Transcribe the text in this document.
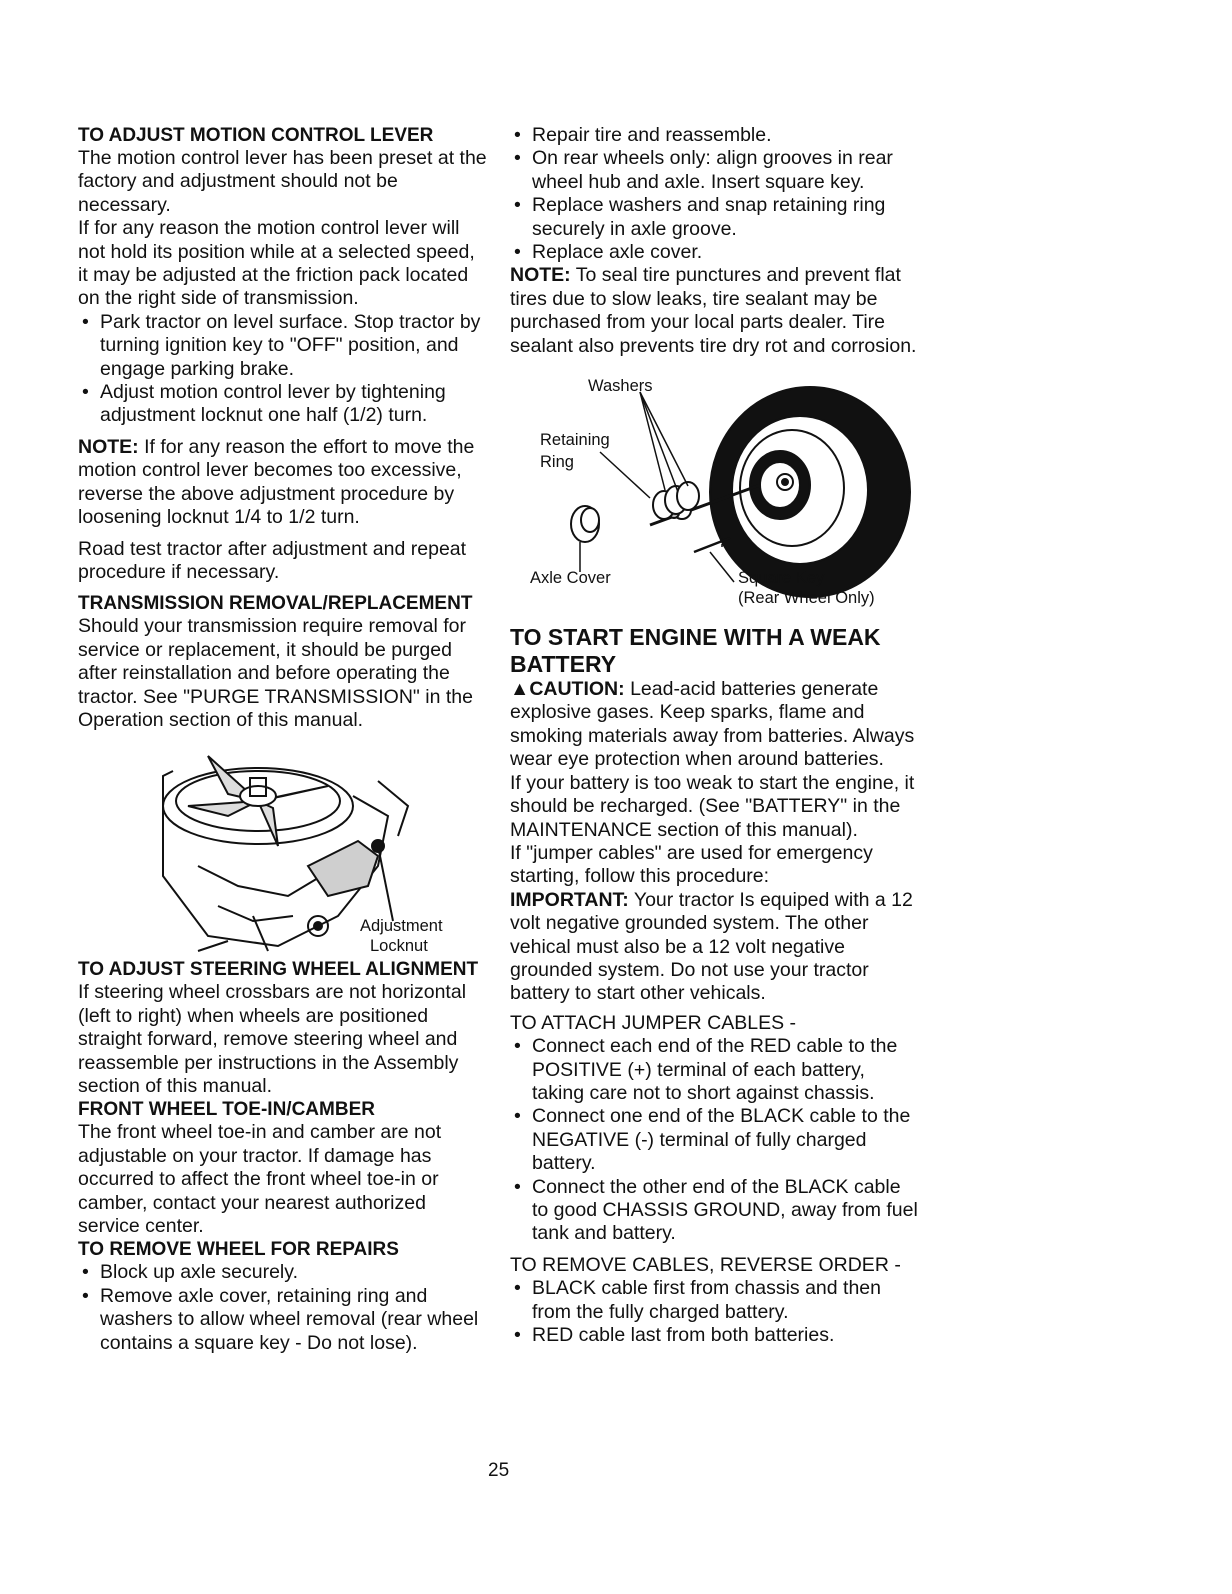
TO ADJUST MOTION CONTROL LEVER

The motion control lever has been preset at the factory and adjustment should not be necessary.

If for any reason the motion control lever will not hold its position while at a selected speed, it may be adjusted at the friction pack located on the right side of transmission.

• Park tractor on level surface. Stop tractor by turning ignition key to "OFF" position, and engage parking brake.
• Adjust motion control lever by tightening adjustment locknut one half (1/2) turn.

NOTE: If for any reason the effort to move the motion control lever becomes too excessive, reverse the above adjustment procedure by loosening locknut 1/4 to 1/2 turn.

Road test tractor after adjustment and repeat procedure if necessary.

TRANSMISSION REMOVAL/REPLACEMENT

Should your transmission require removal for service or replacement, it should be purged after reinstallation and before operating the tractor. See "PURGE TRANSMISSION" in the Operation section of this manual.

Adjustment
Locknut

TO ADJUST STEERING WHEEL ALIGNMENT

If steering wheel crossbars are not horizontal (left to right) when wheels are positioned straight forward, remove steering wheel and reassemble per instructions in the Assembly section of this manual.

FRONT WHEEL TOE-IN/CAMBER

The front wheel toe-in and camber are not adjustable on your tractor. If damage has occurred to affect the front wheel toe-in or camber, contact your nearest authorized service center.

TO REMOVE WHEEL FOR REPAIRS

• Block up axle securely.
• Remove axle cover, retaining ring and washers to allow wheel removal (rear wheel contains a square key - Do not lose).
• Repair tire and reassemble.
• On rear wheels only: align grooves in rear wheel hub and axle. Insert square key.
• Replace washers and snap retaining ring securely in axle groove.
• Replace axle cover.

NOTE: To seal tire punctures and prevent flat tires due to slow leaks, tire sealant may be purchased from your local parts dealer. Tire sealant also prevents tire dry rot and corrosion.

Washers
Retaining
Ring
Axle Cover	Square Key
(Rear Wheel Only)

TO START ENGINE WITH A WEAK BATTERY

▲CAUTION: Lead-acid batteries generate explosive gases. Keep sparks, flame and smoking materials away from batteries. Always wear eye protection when around batteries.

If your battery is too weak to start the engine, it should be recharged. (See "BATTERY" in the MAINTENANCE section of this manual).

If "jumper cables" are used for emergency starting, follow this procedure:

IMPORTANT: Your tractor Is equiped with a 12 volt negative grounded system. The other vehical must also be a 12 volt negative grounded system. Do not use your tractor battery to start other vehicals.

TO ATTACH JUMPER CABLES -

• Connect each end of the RED cable to the POSITIVE (+) terminal of each battery, taking care not to short against chassis.
• Connect one end of the BLACK cable to the NEGATIVE (-) terminal of fully charged battery.
• Connect the other end of the BLACK cable to good CHASSIS GROUND, away from fuel tank and battery.

TO REMOVE CABLES, REVERSE ORDER -

• BLACK cable first from chassis and then from the fully charged battery.
• RED cable last from both batteries.
25
